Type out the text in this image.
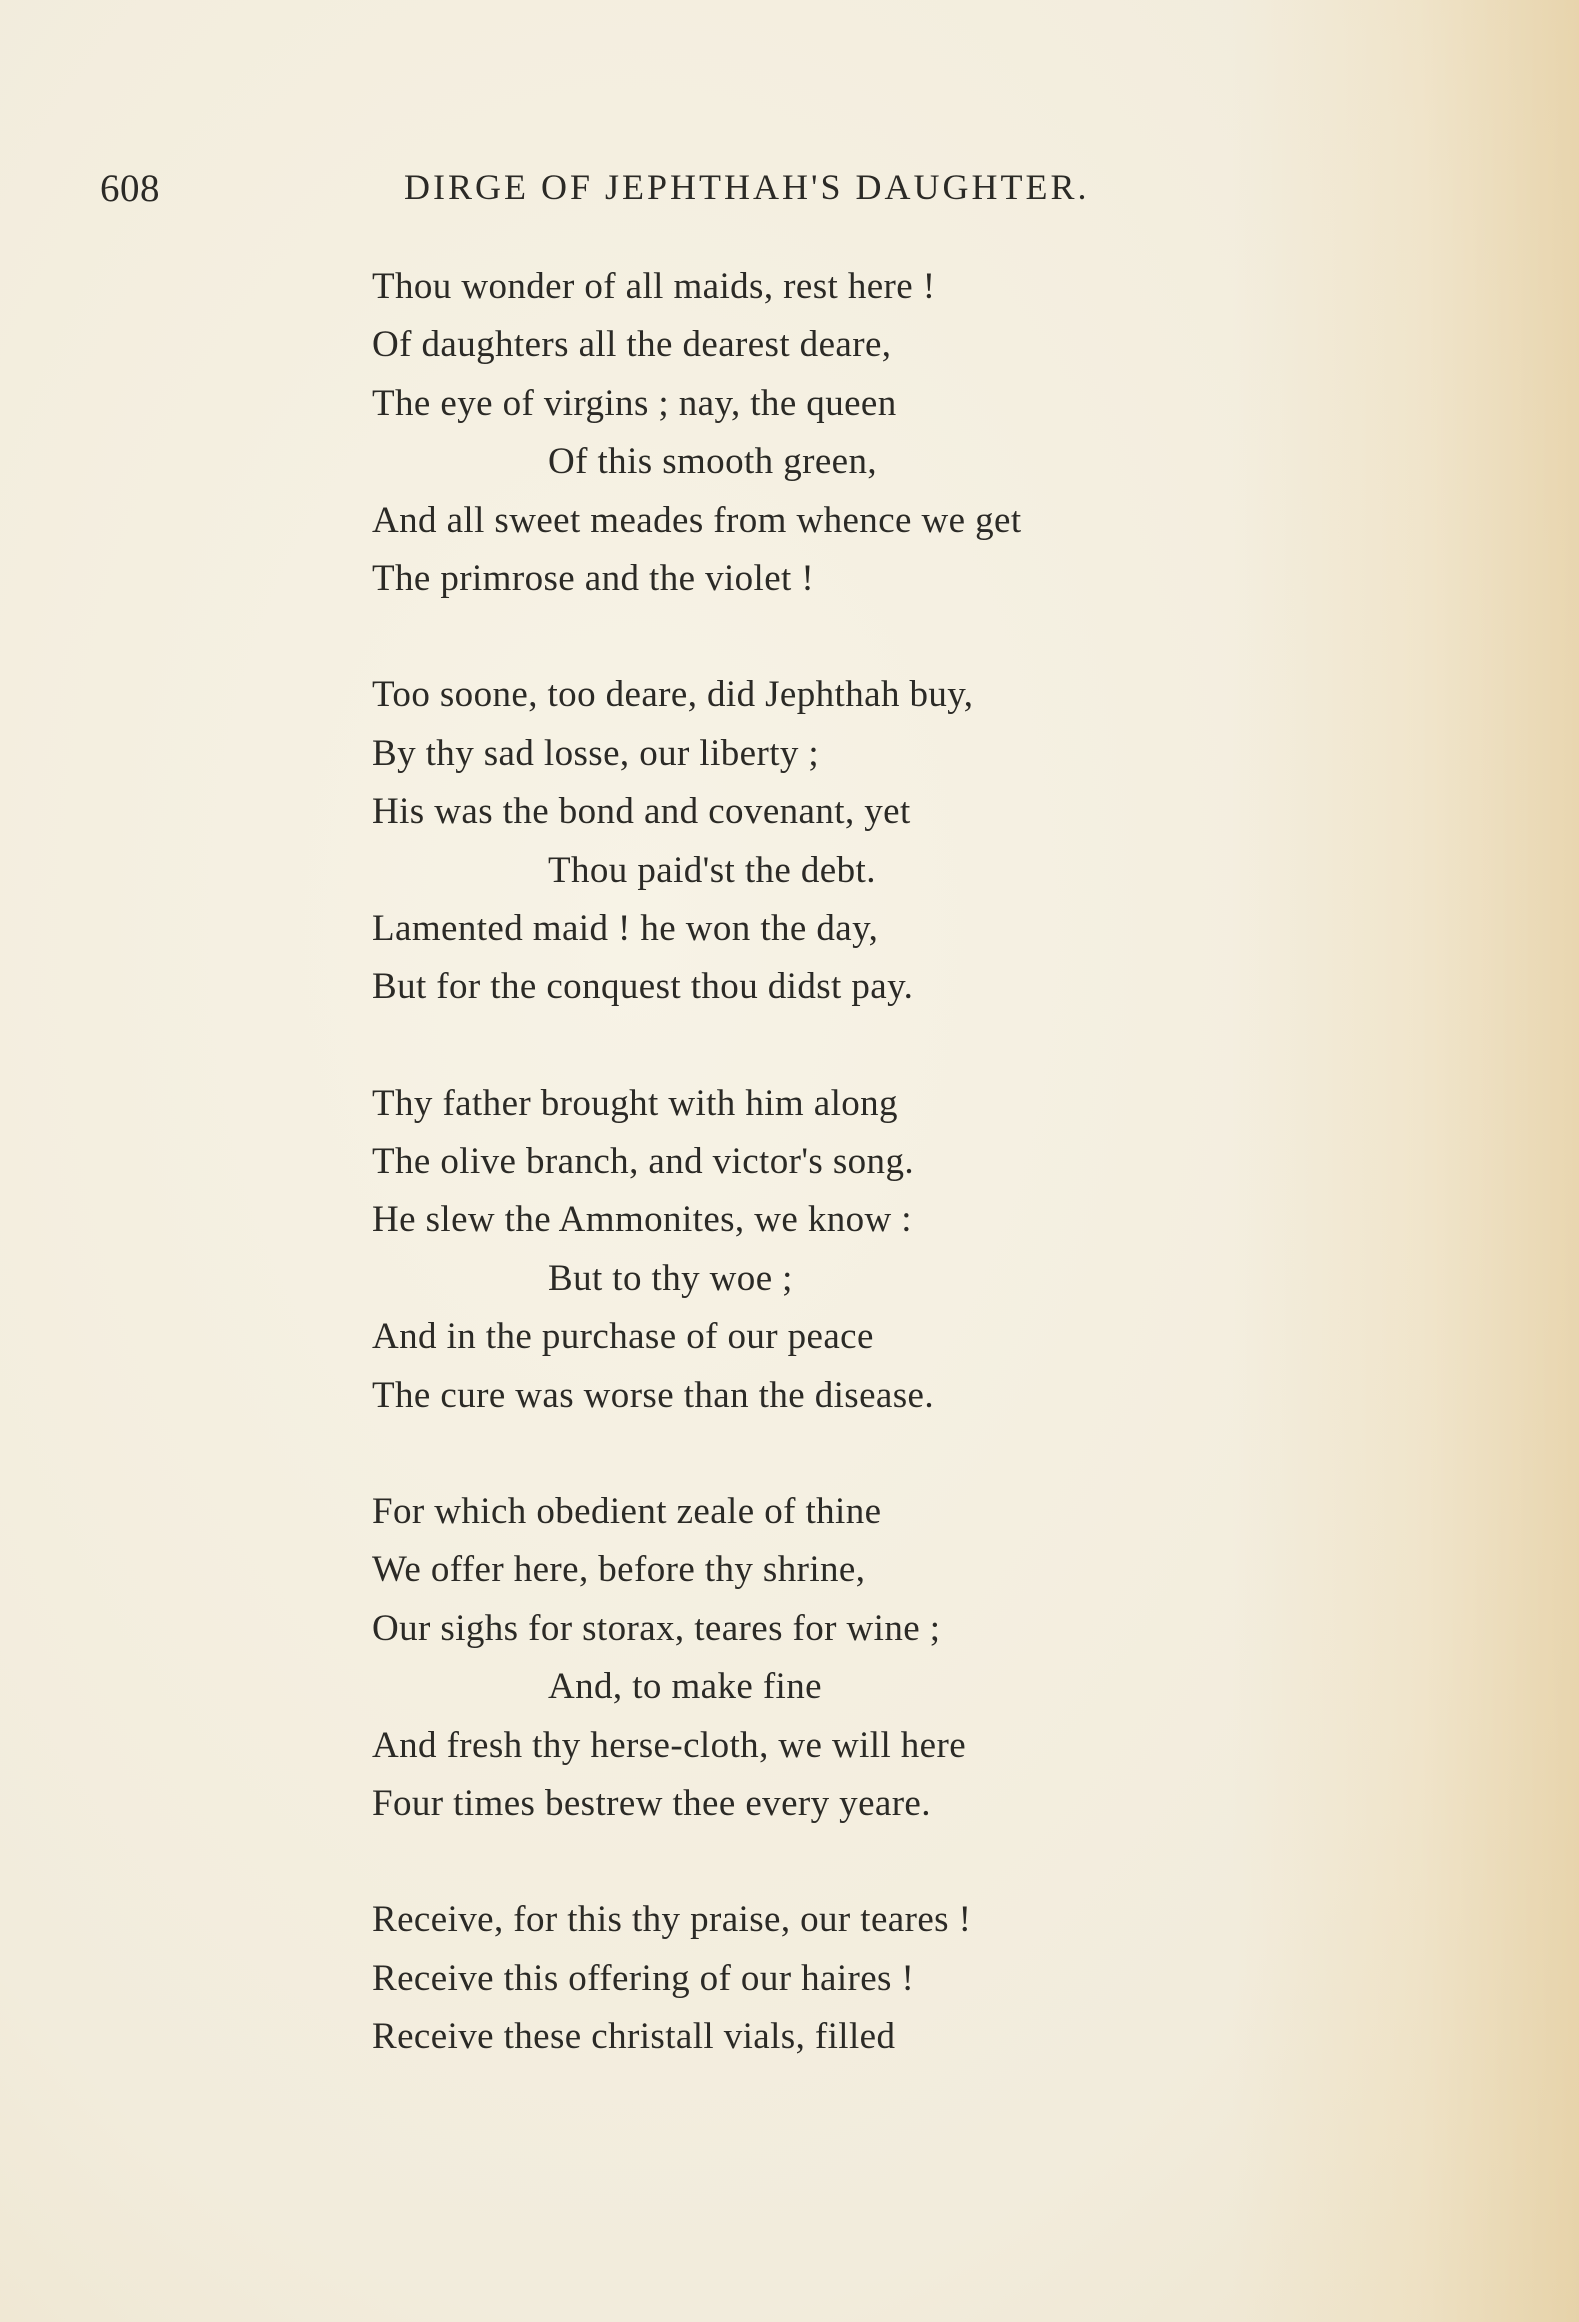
608	DIRGE OF JEPHTHAH'S DAUGHTER.
Thou wonder of all maids, rest here !
Of daughters all the dearest deare,
The eye of virgins ; nay, the queen
Of this smooth green,
And all sweet meades from whence we get
The primrose and the violet !
Too soone, too deare, did Jephthah buy,
By thy sad losse, our liberty ;
His was the bond and covenant, yet
Thou paid'st the debt.
Lamented maid ! he won the day,
But for the conquest thou didst pay.
Thy father brought with him along
The olive branch, and victor's song.
He slew the Ammonites, we know :
But to thy woe ;
And in the purchase of our peace
The cure was worse than the disease.
For which obedient zeale of thine
We offer here, before thy shrine,
Our sighs for storax, teares for wine ;
And, to make fine
And fresh thy herse-cloth, we will here
Four times bestrew thee every yeare.
Receive, for this thy praise, our teares !
Receive this offering of our haires !
Receive these christall vials, filled
